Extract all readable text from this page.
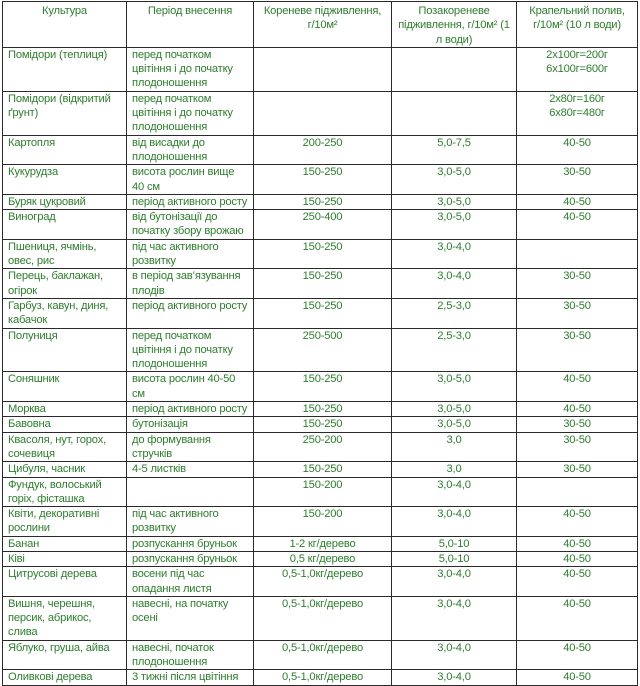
Культура	Період внесення	Кореневе підживлення, г/10м²	Позакореневе підживлення, г/10м² (1 л води)	Крапельний полив, г/10м² (10 л води)
Помідори (теплиця)	перед початком цвітіння і до початку плодоношення			2x100г=200г
6x100г=600г
Помідори (відкритий ґрунт)	перед початком цвітіння і до початку плодоношення			2x80г=160г
6x80г=480г
Картопля	від висадки до плодоношення	200-250	5,0-7,5	40-50
Кукурудза	висота рослин вище 40 см	150-250	3,0-5,0	30-50
Буряк цукровий	період активного росту	150-250	3,0-5,0	40-50
Виноград	від бутонізації до початку збору врожаю	250-400	3,0-5,0	40-50
Пшениця, ячмінь, овес, рис	під час активного розвитку	150-250	3,0-4,0	
Перець, баклажан, огірок	в період зав’язування плодів	150-250	3,0-4,0	30-50
Гарбуз, кавун, диня, кабачок	період активного росту	150-250	2,5-3,0	30-50
Полуниця	перед початком цвітіння і до початку плодоношення	250-500	2,5-3,0	30-50
Соняшник	висота рослин 40-50 см	150-250	3,0-5,0	40-50
Морква	період активного росту	150-250	3,0-5,0	40-50
Бавовна	бутонізація	150-250	3,0-5,0	30-50
Квасоля, нут, горох, сочевиця	до формування стручків	250-200	3,0	30-50
Цибуля, часник	4-5 листків	150-250	3,0	30-50
Фундук, волоський горіх, фісташка		150-200	3,0-4,0	
Квіти, декоративні рослини	під час активного розвитку	150-200	3,0-4,0	40-50
Банан	розпускання бруньок	1-2 кг/дерево	5,0-10	40-50
Ківі	розпускання бруньок	0,5 кг/дерево	5,0-10	40-50
Цитрусові дерева	восени під час опадання листя	0,5-1,0кг/дерево	3,0-4,0	40-50
Вишня, черешня, персик, абрикос, слива	навесні, на початку осені	0,5-1,0кг/дерево	3,0-4,0	40-50
Яблуко, груша, айва	навесні, початок плодоношення	0,5-1,0кг/дерево	3,0-4,0	40-50
Оливкові дерева	3 тижні після цвітіння	0,5-1,0кг/дерево	3,0-4,0	40-50
